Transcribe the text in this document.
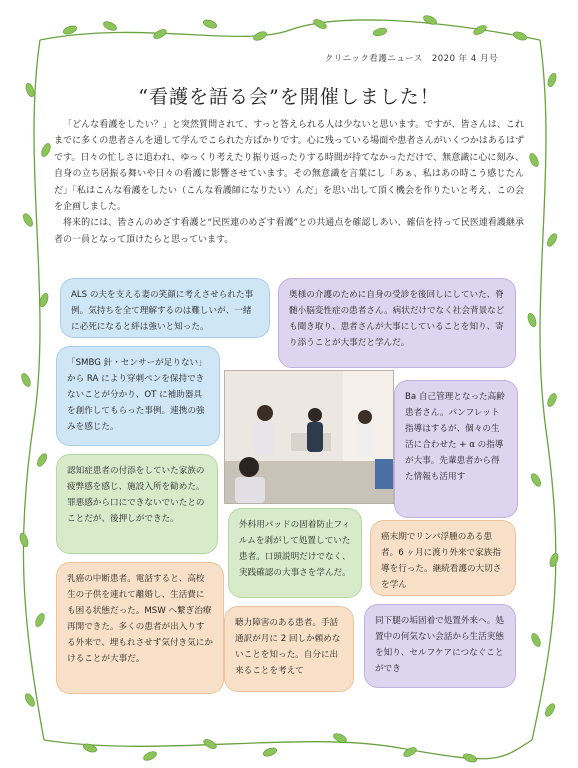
クリニック看護ニュース　2020 年 4 月号
“看護を語る会”を開催しました！

「どんな看護をしたい？」と突然質問されて、すっと答えられる人は少ないと思います。ですが、皆さんは、これまでに多くの患者さんを通して学んでこられた方ばかりです。心に残っている場面や患者さんがいくつかはあるはずです。日々の忙しさに追われ、ゆっくり考えたり振り返ったりする時間が持てなかっただけで、無意識に心に刻み、自身の立ち居振る舞いや日々の看護に影響させています。その無意識を言葉にし「あぁ、私はあの時こう感じたんだ」「私はこんな看護をしたい（こんな看護師になりたい）んだ」を思い出して頂く機会を作りたいと考え、この会を企画しました。

将来的には、皆さんのめざす看護と“民医連のめざす看護”との共通点を確認しあい、確信を持って民医連看護継承者の一員となって頂けたらと思っています。

ALS の夫を支える妻の笑顔に考えさせられた事例。気持ちを全て理解するのは難しいが、一緒に必死になると絆は強いと知った。
奥様の介護のために自身の受診を後回しにしていた、脊髄小脳変性症の患者さん。病状だけでなく社会背景なども聞き取り、患者さんが大事にしていることを知り、寄り添うことが大事だと学んだ。
「SMBG 針・センサーが足りない」から RA により穿刺ペンを保持できないことが分かり、OT に補助器具を創作してもらった事例。連携の強みを感じた。
Ba 自己管理となった高齢患者さん。パンフレット指導はするが、個々の生活に合わせた + α の指導が大事。先輩患者から得た情報も活用す
認知症患者の付添をしていた家族の疲弊感を感じ、施設入所を勧めた。罪悪感から口にできないでいたとのことだが、後押しができた。
外科用パッドの固着防止フィルムを剥がして処置していた患者。口頭説明だけでなく、実践確認の大事さを学んだ。
癌末期でリンパ浮腫のある患者。6 ヶ月に渡り外来で家族指導を行った。継続看護の大切さを学ん
乳癌の中断患者。電話すると、高校生の子供を連れて離婚し、生活費にも困る状態だった。MSW へ繋ぎ治療再開できた。多くの患者が出入りする外来で、埋もれさせず気付き気にかけることが大事だ。
聴力障害のある患者。手話通訳が月に 2 回しか頼めないことを知った。自分に出来ることを考えて
同下腿の垢固着で処置外来へ。処置中の何気ない会話から生活実態を知り、セルフケアにつなぐことができ
